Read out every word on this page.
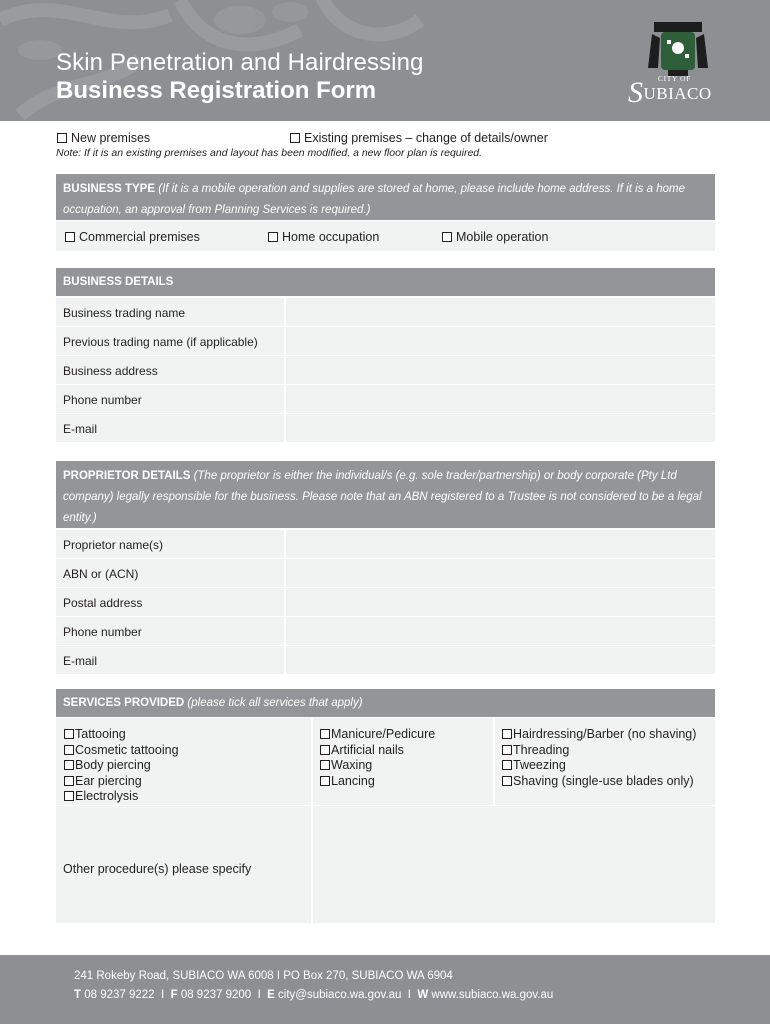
Skin Penetration and Hairdressing
Business Registration Form	CITY OF
SUBIACO
New premises	Existing premises – change of details/owner
Note: If it is an existing premises and layout has been modified, a new floor plan is required.
BUSINESS TYPE (If it is a mobile operation and supplies are stored at home, please include home address. If it is a home occupation, an approval from Planning Services is required.)
Commercial premises	Home occupation	Mobile operation
BUSINESS DETAILS
Business trading name
Previous trading name (if applicable)
Business address
Phone number
E-mail
PROPRIETOR DETAILS (The proprietor is either the individual/s (e.g. sole trader/partnership) or body corporate (Pty Ltd company) legally responsible for the business. Please note that an ABN registered to a Trustee is not considered to be a legal entity.)
Proprietor name(s)
ABN or (ACN)
Postal address
Phone number
E-mail
SERVICES PROVIDED (please tick all services that apply)
Tattooing
Cosmetic tattooing
Body piercing
Ear piercing
Electrolysis
Manicure/Pedicure
Artificial nails
Waxing
Lancing
Hairdressing/Barber (no shaving)
Threading
Tweezing
Shaving (single-use blades only)
Other procedure(s) please specify
241 Rokeby Road, SUBIACO WA 6008 I PO Box 270, SUBIACO WA 6904
T 08 9237 9222 I F 08 9237 9200 I E city@subiaco.wa.gov.au I W www.subiaco.wa.gov.au
